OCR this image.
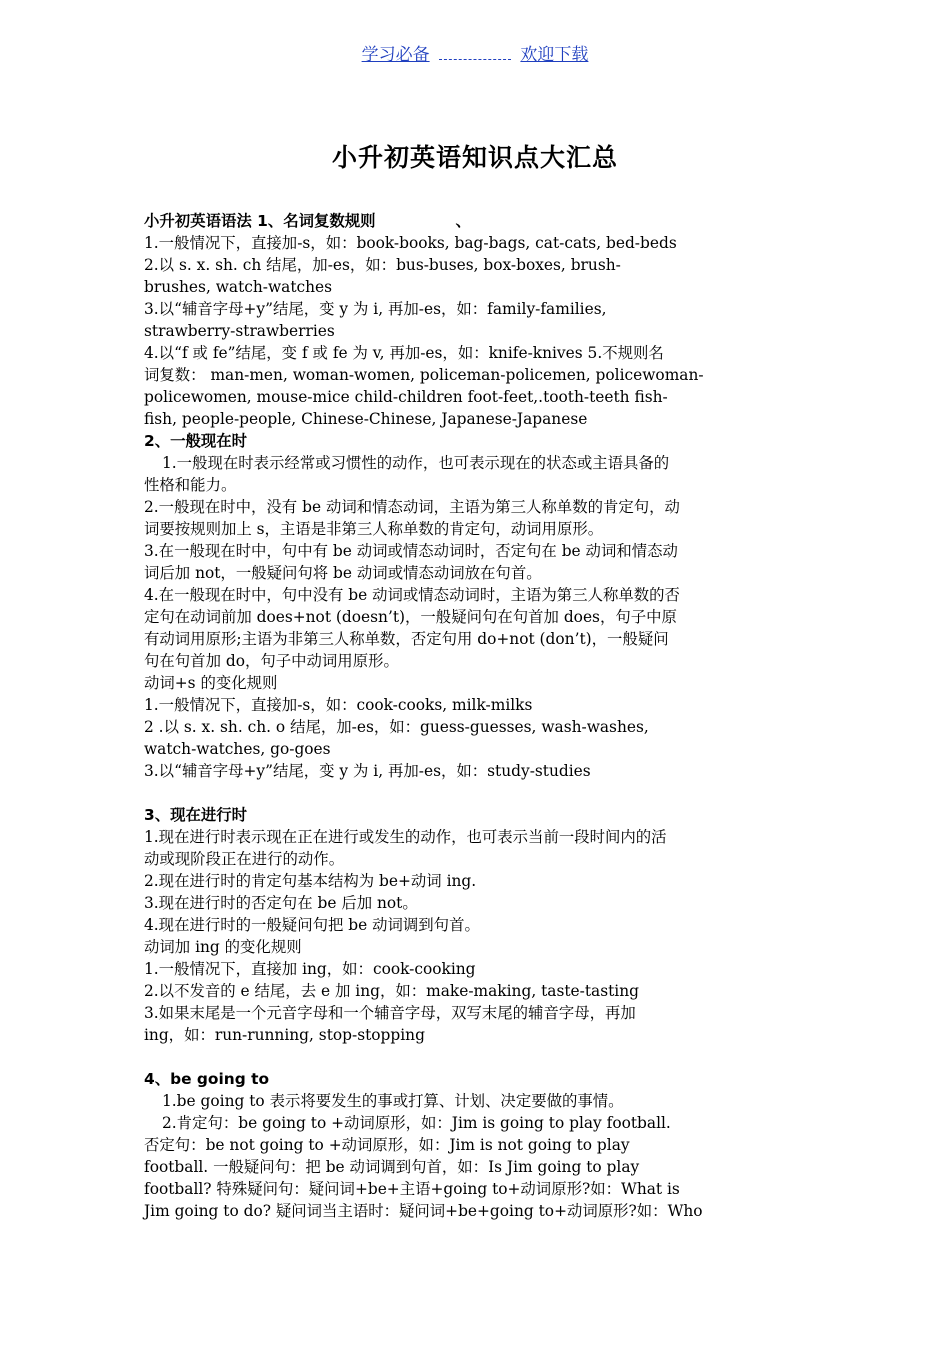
学习必备	欢迎下载
小升初英语知识点大汇总

小升初英语语法 1、名词复数规则	、

1.一般情况下，直接加-s，如：book-books, bag-bags, cat-cats, bed-beds

2.以 s. x. sh. ch 结尾，加-es，如：bus-buses, box-boxes, brush-

brushes, watch-watches

3.以“辅音字母+y”结尾，变 y 为 i, 再加-es，如：family-families,

strawberry-strawberries

4.以“f 或 fe”结尾，变 f 或 fe 为 v, 再加-es，如：knife-knives 5.不规则名

词复数： man-men, woman-women, policeman-policemen, policewoman-

policewomen, mouse-mice child-children foot-feet,.tooth-teeth fish-

fish, people-people, Chinese-Chinese, Japanese-Japanese

2、一般现在时

1.一般现在时表示经常或习惯性的动作，也可表示现在的状态或主语具备的

性格和能力。

2.一般现在时中，没有 be 动词和情态动词，主语为第三人称单数的肯定句，动

词要按规则加上 s，主语是非第三人称单数的肯定句，动词用原形。

3.在一般现在时中，句中有 be 动词或情态动词时，否定句在 be 动词和情态动

词后加 not，一般疑问句将 be 动词或情态动词放在句首。

4.在一般现在时中，句中没有 be 动词或情态动词时，主语为第三人称单数的否

定句在动词前加 does+not (doesn’t)，一般疑问句在句首加 does，句子中原

有动词用原形;主语为非第三人称单数，否定句用 do+not (don’t)，一般疑问

句在句首加 do，句子中动词用原形。

动词+s 的变化规则

1.一般情况下，直接加-s，如：cook-cooks, milk-milks

2 .以 s. x. sh. ch. o 结尾，加-es，如：guess-guesses, wash-washes,

watch-watches, go-goes

3.以“辅音字母+y”结尾，变 y 为 i, 再加-es，如：study-studies

3、现在进行时

1.现在进行时表示现在正在进行或发生的动作，也可表示当前一段时间内的活

动或现阶段正在进行的动作。

2.现在进行时的肯定句基本结构为 be+动词 ing.

3.现在进行时的否定句在 be 后加 not。

4.现在进行时的一般疑问句把 be 动词调到句首。

动词加 ing 的变化规则

1.一般情况下，直接加 ing，如：cook-cooking

2.以不发音的 e 结尾，去 e 加 ing，如：make-making, taste-tasting

3.如果末尾是一个元音字母和一个辅音字母，双写末尾的辅音字母，再加

ing，如：run-running, stop-stopping

4、be going to

1.be going to 表示将要发生的事或打算、计划、决定要做的事情。

2.肯定句：be going to +动词原形，如：Jim is going to play football.

否定句：be not going to +动词原形，如：Jim is not going to play

football. 一般疑问句：把 be 动词调到句首，如：Is Jim going to play

football? 特殊疑问句：疑问词+be+主语+going to+动词原形?如：What is

Jim going to do? 疑问词当主语时：疑问词+be+going to+动词原形?如：Who
